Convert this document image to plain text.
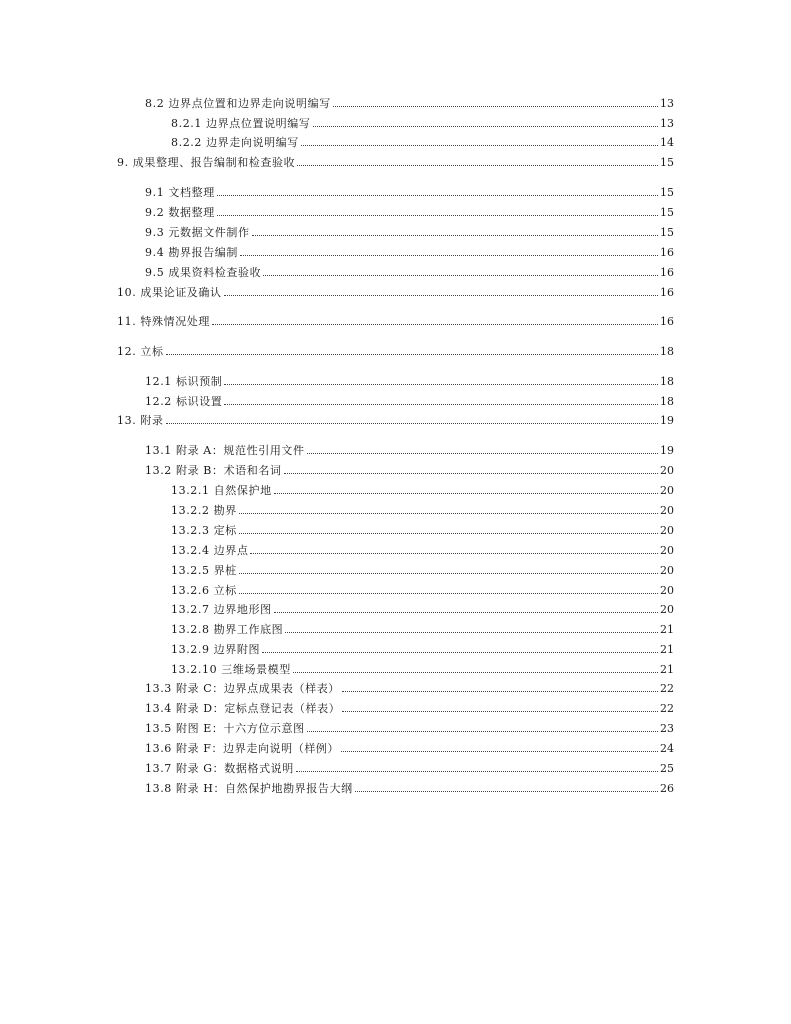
8.2 边界点位置和边界走向说明编写	13
8.2.1 边界点位置说明编写	13
8.2.2 边界走向说明编写	14
9. 成果整理、报告编制和检查验收	15
9.1 文档整理	15
9.2 数据整理	15
9.3 元数据文件制作	15
9.4 勘界报告编制	16
9.5 成果资料检查验收	16
10. 成果论证及确认	16
11. 特殊情况处理	16
12. 立标	18
12.1 标识预制	18
12.2 标识设置	18
13. 附录	19
13.1 附录 A：规范性引用文件	19
13.2 附录 B：术语和名词	20
13.2.1 自然保护地	20
13.2.2 勘界	20
13.2.3 定标	20
13.2.4 边界点	20
13.2.5 界桩	20
13.2.6 立标	20
13.2.7 边界地形图	20
13.2.8 勘界工作底图	21
13.2.9 边界附图	21
13.2.10 三维场景模型	21
13.3 附录 C：边界点成果表（样表）	22
13.4 附录 D：定标点登记表（样表）	22
13.5 附图 E：十六方位示意图	23
13.6 附录 F：边界走向说明（样例）	24
13.7 附录 G：数据格式说明	25
13.8 附录 H：自然保护地勘界报告大纲	26
